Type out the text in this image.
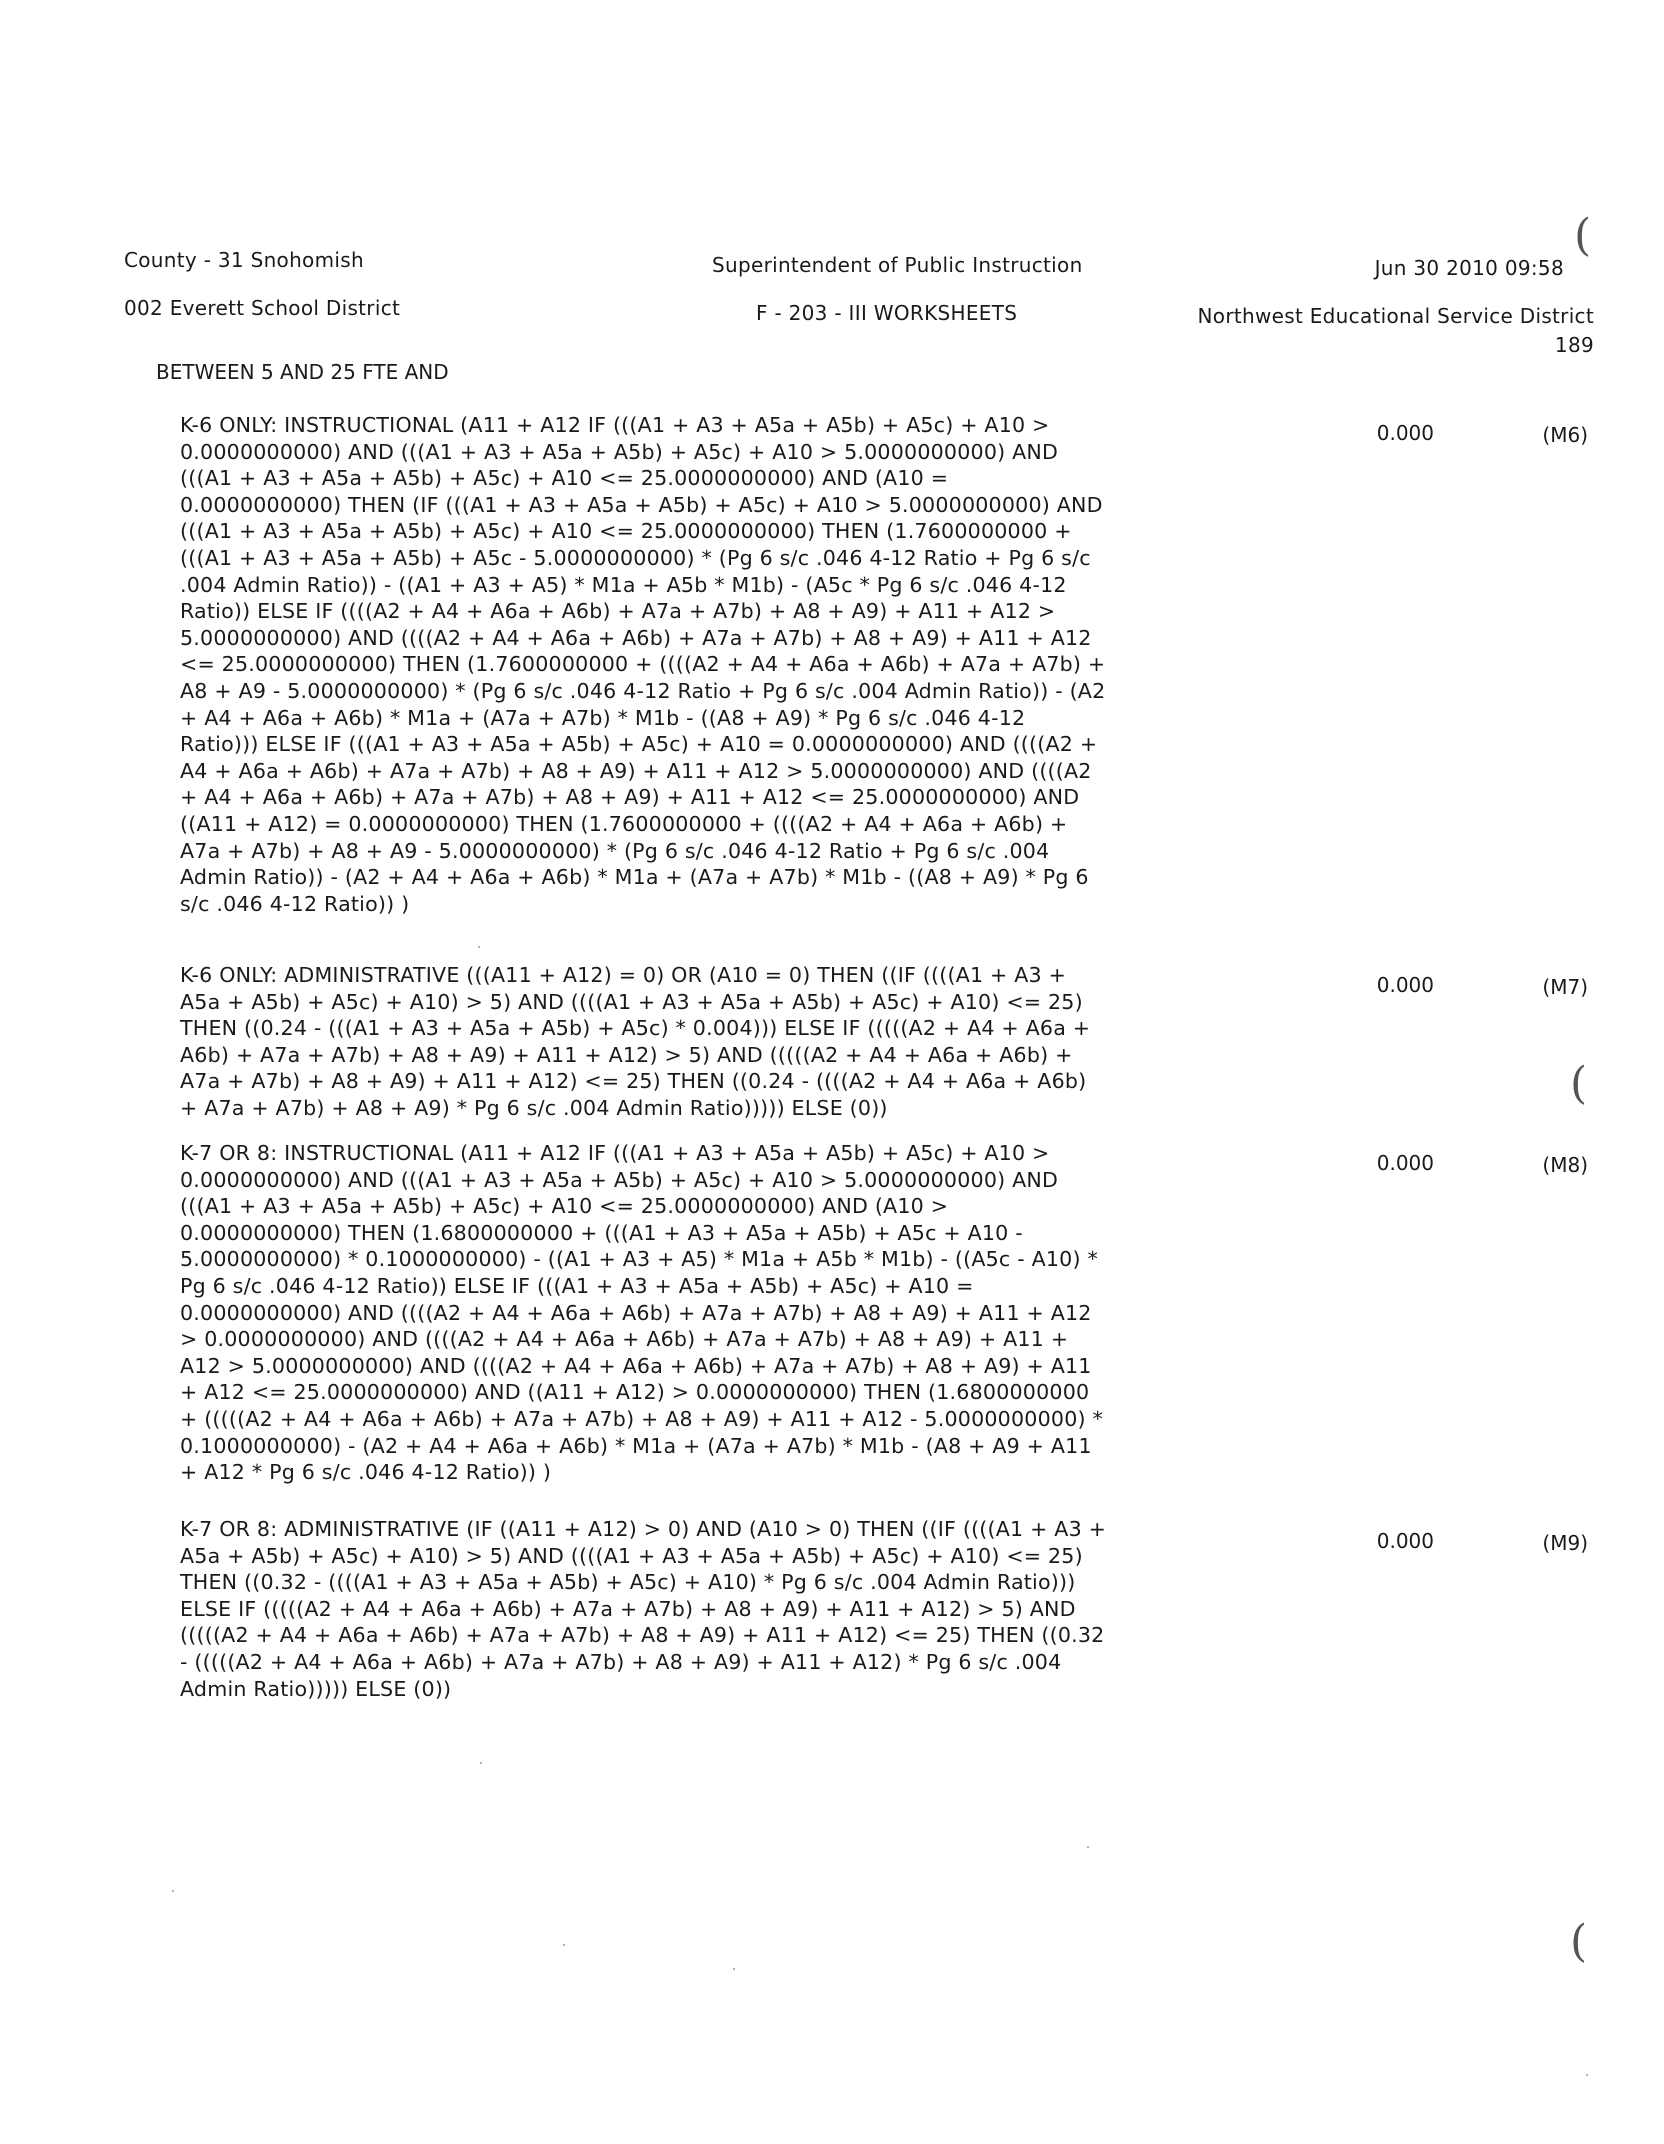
County - 31 Snohomish
002 Everett School District
Superintendent of Public Instruction
F - 203 - III WORKSHEETS
Jun 30 2010 09:58
Northwest Educational Service District
189
BETWEEN 5 AND 25 FTE AND
K-6 ONLY: INSTRUCTIONAL (A11 + A12 IF (((A1 + A3 + A5a + A5b) + A5c) + A10 > 0.0000000000) AND (((A1 + A3 + A5a + A5b) + A5c) + A10 > 5.0000000000) AND (((A1 + A3 + A5a + A5b) + A5c) + A10 <= 25.0000000000) AND (A10 = 0.0000000000) THEN (IF (((A1 + A3 + A5a + A5b) + A5c) + A10 > 5.0000000000) AND (((A1 + A3 + A5a + A5b) + A5c) + A10 <= 25.0000000000) THEN (1.7600000000 + (((A1 + A3 + A5a + A5b) + A5c - 5.0000000000) * (Pg 6 s/c .046 4-12 Ratio + Pg 6 s/c .004 Admin Ratio)) - ((A1 + A3 + A5) * M1a + A5b * M1b) - (A5c * Pg 6 s/c .046 4-12 Ratio)) ELSE IF ((((A2 + A4 + A6a + A6b) + A7a + A7b) + A8 + A9) + A11 + A12 > 5.0000000000) AND ((((A2 + A4 + A6a + A6b) + A7a + A7b) + A8 + A9) + A11 + A12 <= 25.0000000000) THEN (1.7600000000 + ((((A2 + A4 + A6a + A6b) + A7a + A7b) + A8 + A9 - 5.0000000000) * (Pg 6 s/c .046 4-12 Ratio + Pg 6 s/c .004 Admin Ratio)) - (A2 + A4 + A6a + A6b) * M1a + (A7a + A7b) * M1b - ((A8 + A9) * Pg 6 s/c .046 4-12 Ratio))) ELSE IF (((A1 + A3 + A5a + A5b) + A5c) + A10 = 0.0000000000) AND ((((A2 + A4 + A6a + A6b) + A7a + A7b) + A8 + A9) + A11 + A12 > 5.0000000000) AND ((((A2 + A4 + A6a + A6b) + A7a + A7b) + A8 + A9) + A11 + A12 <= 25.0000000000) AND ((A11 + A12) = 0.0000000000) THEN (1.7600000000 + ((((A2 + A4 + A6a + A6b) + A7a + A7b) + A8 + A9 - 5.0000000000) * (Pg 6 s/c .046 4-12 Ratio + Pg 6 s/c .004 Admin Ratio)) - (A2 + A4 + A6a + A6b) * M1a + (A7a + A7b) * M1b - ((A8 + A9) * Pg 6 s/c .046 4-12 Ratio)) )
0.000	(M6)
K-6 ONLY: ADMINISTRATIVE (((A11 + A12) = 0) OR (A10 = 0) THEN ((IF ((((A1 + A3 + A5a + A5b) + A5c) + A10) > 5) AND ((((A1 + A3 + A5a + A5b) + A5c) + A10) <= 25) THEN ((0.24 - (((A1 + A3 + A5a + A5b) + A5c) * 0.004))) ELSE IF (((((A2 + A4 + A6a + A6b) + A7a + A7b) + A8 + A9) + A11 + A12) > 5) AND (((((A2 + A4 + A6a + A6b) + A7a + A7b) + A8 + A9) + A11 + A12) <= 25) THEN ((0.24 - ((((A2 + A4 + A6a + A6b) + A7a + A7b) + A8 + A9) * Pg 6 s/c .004 Admin Ratio))))) ELSE (0))
0.000	(M7)
K-7 OR 8: INSTRUCTIONAL (A11 + A12 IF (((A1 + A3 + A5a + A5b) + A5c) + A10 > 0.0000000000) AND (((A1 + A3 + A5a + A5b) + A5c) + A10 > 5.0000000000) AND (((A1 + A3 + A5a + A5b) + A5c) + A10 <= 25.0000000000) AND (A10 > 0.0000000000) THEN (1.6800000000 + (((A1 + A3 + A5a + A5b) + A5c + A10 - 5.0000000000) * 0.1000000000) - ((A1 + A3 + A5) * M1a + A5b * M1b) - ((A5c - A10) * Pg 6 s/c .046 4-12 Ratio)) ELSE IF (((A1 + A3 + A5a + A5b) + A5c) + A10 = 0.0000000000) AND ((((A2 + A4 + A6a + A6b) + A7a + A7b) + A8 + A9) + A11 + A12 > 0.0000000000) AND ((((A2 + A4 + A6a + A6b) + A7a + A7b) + A8 + A9) + A11 + A12 > 5.0000000000) AND ((((A2 + A4 + A6a + A6b) + A7a + A7b) + A8 + A9) + A11 + A12 <= 25.0000000000) AND ((A11 + A12) > 0.0000000000) THEN (1.6800000000 + (((((A2 + A4 + A6a + A6b) + A7a + A7b) + A8 + A9) + A11 + A12 - 5.0000000000) * 0.1000000000) - (A2 + A4 + A6a + A6b) * M1a + (A7a + A7b) * M1b - (A8 + A9 + A11 + A12 * Pg 6 s/c .046 4-12 Ratio)) )
0.000	(M8)
K-7 OR 8: ADMINISTRATIVE (IF ((A11 + A12) > 0) AND (A10 > 0) THEN ((IF ((((A1 + A3 + A5a + A5b) + A5c) + A10) > 5) AND ((((A1 + A3 + A5a + A5b) + A5c) + A10) <= 25) THEN ((0.32 - ((((A1 + A3 + A5a + A5b) + A5c) + A10) * Pg 6 s/c .004 Admin Ratio))) ELSE IF (((((A2 + A4 + A6a + A6b) + A7a + A7b) + A8 + A9) + A11 + A12) > 5) AND (((((A2 + A4 + A6a + A6b) + A7a + A7b) + A8 + A9) + A11 + A12) <= 25) THEN ((0.32 - (((((A2 + A4 + A6a + A6b) + A7a + A7b) + A8 + A9) + A11 + A12) * Pg 6 s/c .004 Admin Ratio))))) ELSE (0))
0.000	(M9)
(
(
(
